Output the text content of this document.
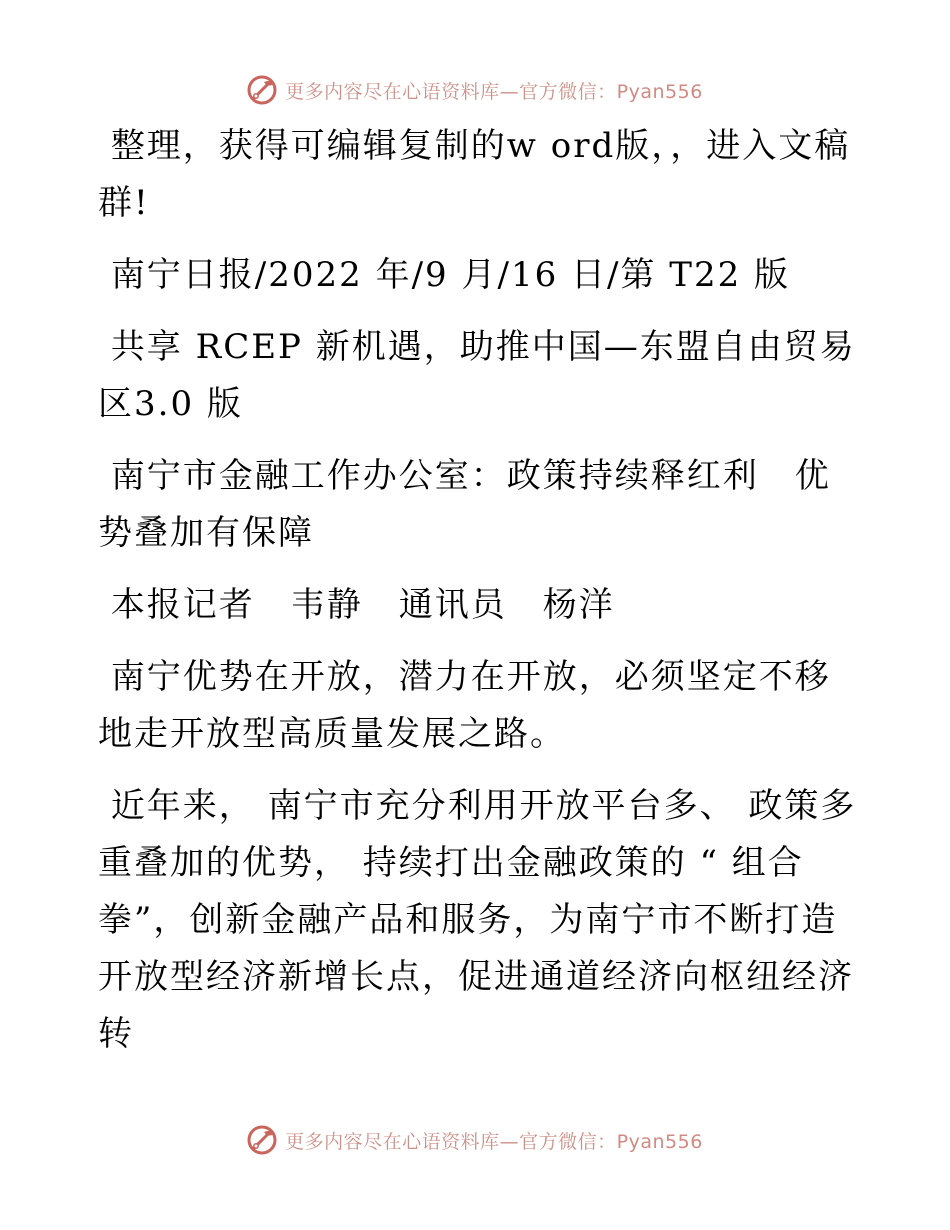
更多内容尽在心语资料库—官方微信：Pyan556

整理，获得可编辑复制的w ord版，，进入文稿群!

南宁日报/2022 年/9 月/16 日/第 T22 版

共享 RCEP 新机遇，助推中国—东盟自由贸易区3.0 版

南宁市金融工作办公室：政策持续释红利　优势叠加有保障

本报记者　韦静　通讯员　杨洋

南宁优势在开放，潜力在开放，必须坚定不移地走开放型高质量发展之路。

近年来， 南宁市充分利用开放平台多、 政策多重叠加的优势， 持续打出金融政策的 “ 组合拳”，创新金融产品和服务，为南宁市不断打造开放型经济新增长点，促进通道经济向枢纽经济转

更多内容尽在心语资料库—官方微信：Pyan556
